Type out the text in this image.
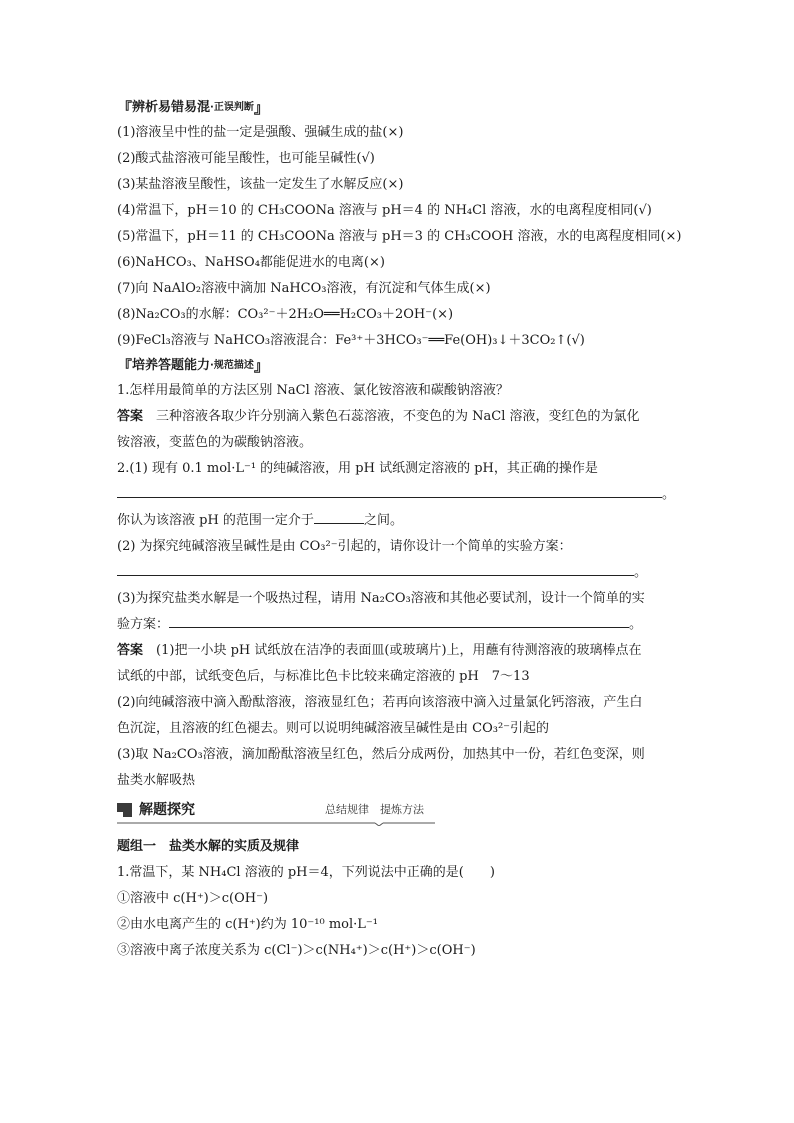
『 辨析易错易混 ·正误判断 』
(1)溶液呈中性的盐一定是强酸、强碱生成的盐(×)
(2)酸式盐溶液可能呈酸性，也可能呈碱性(√)
(3)某盐溶液呈酸性，该盐一定发生了水解反应(×)
(4)常温下，pH＝10 的 CH₃COONa 溶液与 pH＝4 的 NH₄Cl 溶液，水的电离程度相同(√)
(5)常温下，pH＝11 的 CH₃COONa 溶液与 pH＝3 的 CH₃COOH 溶液，水的电离程度相同(×)
(6)NaHCO₃、NaHSO₄都能促进水的电离(×)
(7)向 NaAlO₂溶液中滴加 NaHCO₃溶液，有沉淀和气体生成(×)
(8)Na₂CO₃的水解：CO₃²⁻＋2H₂O══H₂CO₃＋2OH⁻(×)
(9)FeCl₃溶液与 NaHCO₃溶液混合：Fe³⁺＋3HCO₃⁻══Fe(OH)₃↓＋3CO₂↑(√)
『 培养答题能力 ·规范描述 』
1.怎样用最简单的方法区别 NaCl 溶液、氯化铵溶液和碳酸钠溶液？
答案　 三种溶液各取少许分别滴入紫色石蕊溶液，不变色的为 NaCl 溶液，变红色的为氯化
铵溶液，变蓝色的为碳酸钠溶液。
2.(1) 现有 0.1 mol·L⁻¹ 的纯碱溶液，用 pH 试纸测定溶液的 pH，其正确的操作是
。
你认为该溶液 pH 的范围一定介于	之间。
(2) 为探究纯碱溶液呈碱性是由 CO₃²⁻引起的，请你设计一个简单的实验方案：
。
(3)为探究盐类水解是一个吸热过程，请用 Na₂CO₃溶液和其他必要试剂，设计一个简单的实
验方案：	。
答案　 (1)把一小块 pH 试纸放在洁净的表面皿(或玻璃片)上，用蘸有待测溶液的玻璃棒点在
试纸的中部，试纸变色后，与标准比色卡比较来确定溶液的 pH　7～13
(2)向纯碱溶液中滴入酚酞溶液，溶液显红色；若再向该溶液中滴入过量氯化钙溶液，产生白
色沉淀，且溶液的红色褪去。则可以说明纯碱溶液呈碱性是由 CO₃²⁻引起的
(3)取 Na₂CO₃溶液，滴加酚酞溶液呈红色，然后分成两份，加热其中一份，若红色变深，则
盐类水解吸热
解题探究	总结规律　提炼方法
题组一　盐类水解的实质及规律
1.常温下，某 NH₄Cl 溶液的 pH＝4，下列说法中正确的是(　　)
①溶液中 c(H⁺)＞c(OH⁻)
②由水电离产生的 c(H⁺)约为 10⁻¹⁰ mol·L⁻¹
③溶液中离子浓度关系为 c(Cl⁻)＞c(NH₄⁺)＞c(H⁺)＞c(OH⁻)
